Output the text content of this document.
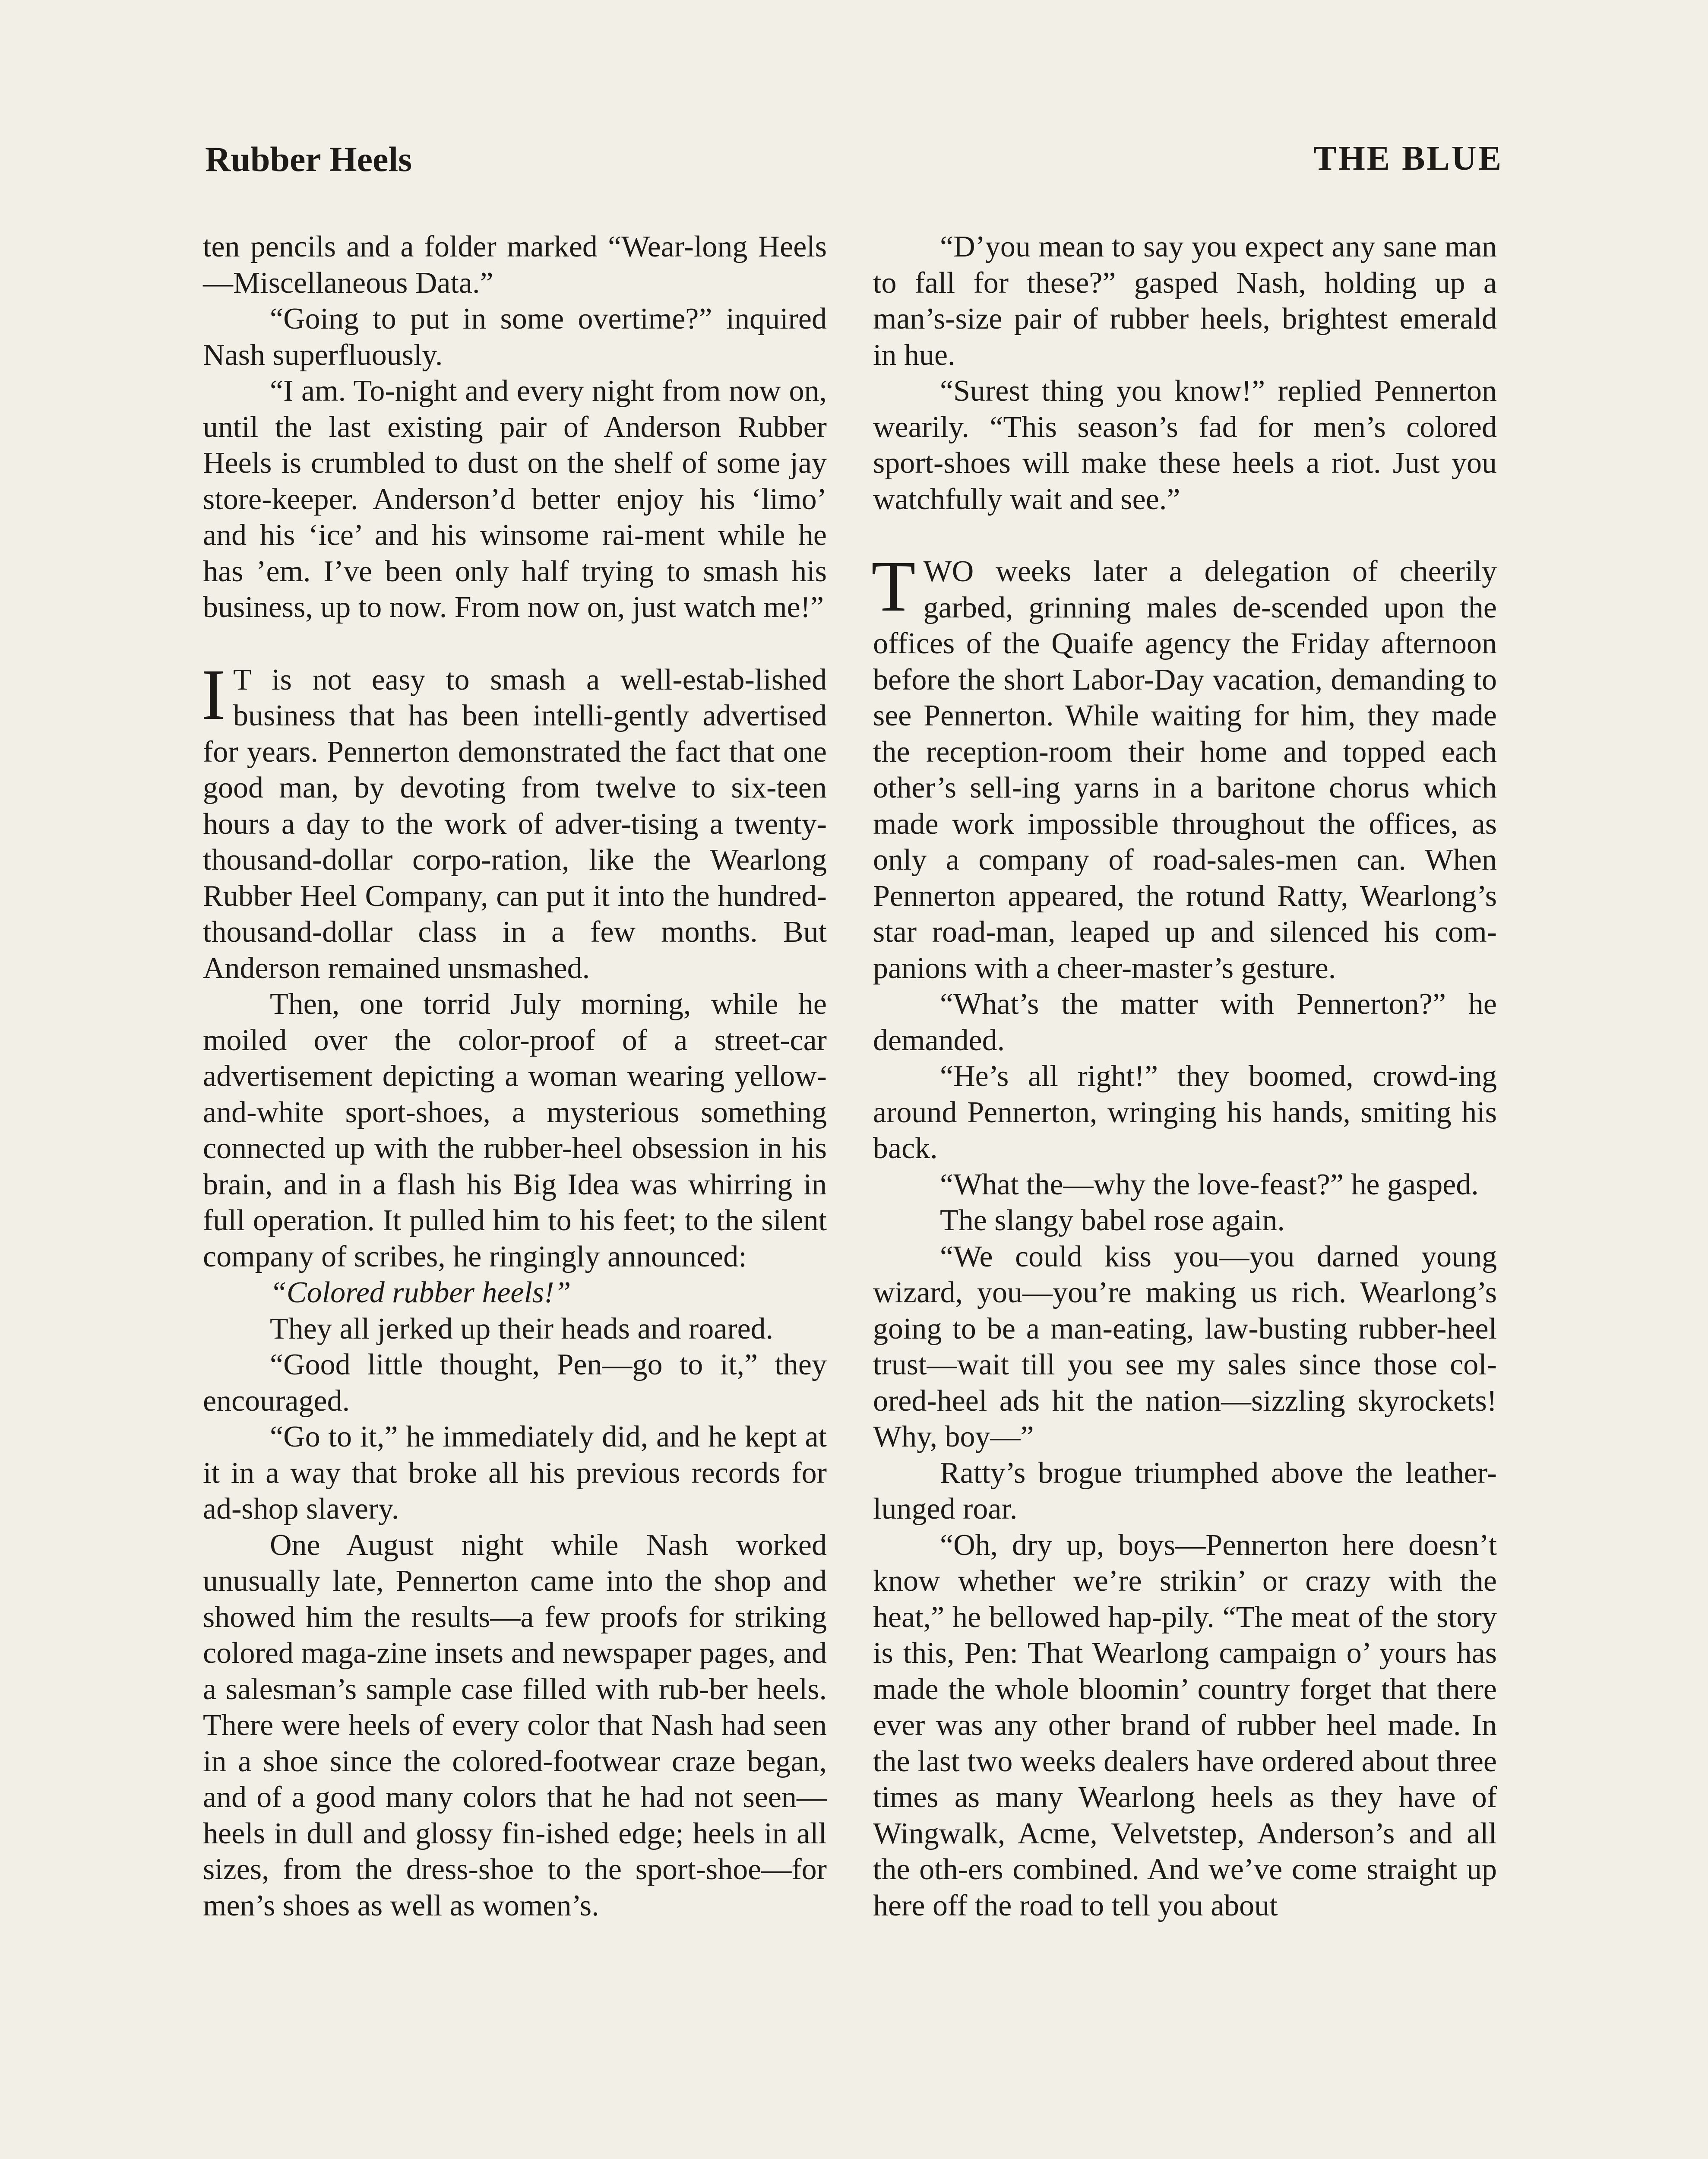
Rubber Heels	THE BLUE

ten pencils and a folder marked “Wear-long Heels—Miscellaneous Data.”

“Going to put in some overtime?” inquired Nash superfluously.

“I am. To-night and every night from now on, until the last existing pair of Anderson Rubber Heels is crumbled to dust on the shelf of some jay store-keeper. Anderson’d better enjoy his ‘limo’ and his ‘ice’ and his winsome rai-ment while he has ’em. I’ve been only half trying to smash his business, up to now. From now on, just watch me!”

I T is not easy to smash a well-estab-lished business that has been intelli-gently advertised for years. Pennerton demonstrated the fact that one good man, by devoting from twelve to six-teen hours a day to the work of adver-tising a twenty-thousand-dollar corpo-ration, like the Wearlong Rubber Heel Company, can put it into the hundred-thousand-dollar class in a few months. But Anderson remained unsmashed.

Then, one torrid July morning, while he moiled over the color-proof of a street-car advertisement depicting a woman wearing yellow-and-white sport-shoes, a mysterious something connected up with the rubber-heel obsession in his brain, and in a flash his Big Idea was whirring in full operation. It pulled him to his feet; to the silent company of scribes, he ringingly announced:

“Colored rubber heels!”

They all jerked up their heads and roared.

“Good little thought, Pen—go to it,” they encouraged.

“Go to it,” he immediately did, and he kept at it in a way that broke all his previous records for ad-shop slavery.

One August night while Nash worked unusually late, Pennerton came into the shop and showed him the results—a few proofs for striking colored maga-zine insets and newspaper pages, and a salesman’s sample case filled with rub-ber heels. There were heels of every color that Nash had seen in a shoe since the colored-footwear craze began, and of a good many colors that he had not seen—heels in dull and glossy fin-ished edge; heels in all sizes, from the dress-shoe to the sport-shoe—for men’s shoes as well as women’s.

“D’you mean to say you expect any sane man to fall for these?” gasped Nash, holding up a man’s-size pair of rubber heels, brightest emerald in hue.

“Surest thing you know!” replied Pennerton wearily. “This season’s fad for men’s colored sport-shoes will make these heels a riot. Just you watchfully wait and see.”

TWO weeks later a delegation of cheerily garbed, grinning males de-scended upon the offices of the Quaife agency the Friday afternoon before the short Labor-Day vacation, demanding to see Pennerton. While waiting for him, they made the reception-room their home and topped each other’s sell-ing yarns in a baritone chorus which made work impossible throughout the offices, as only a company of road-sales-men can. When Pennerton appeared, the rotund Ratty, Wearlong’s star road-man, leaped up and silenced his com-panions with a cheer-master’s gesture.

“What’s the matter with Pennerton?” he demanded.

“He’s all right!” they boomed, crowd-ing around Pennerton, wringing his hands, smiting his back.

“What the—why the love-feast?” he gasped.

The slangy babel rose again.

“We could kiss you—you darned young wizard, you—you’re making us rich. Wearlong’s going to be a man-eating, law-busting rubber-heel trust—wait till you see my sales since those col-ored-heel ads hit the nation—sizzling skyrockets! Why, boy—”

Ratty’s brogue triumphed above the leather-lunged roar.

“Oh, dry up, boys—Pennerton here doesn’t know whether we’re strikin’ or crazy with the heat,” he bellowed hap-pily. “The meat of the story is this, Pen: That Wearlong campaign o’ yours has made the whole bloomin’ country forget that there ever was any other brand of rubber heel made. In the last two weeks dealers have ordered about three times as many Wearlong heels as they have of Wingwalk, Acme, Velvetstep, Anderson’s and all the oth-ers combined. And we’ve come straight up here off the road to tell you about
